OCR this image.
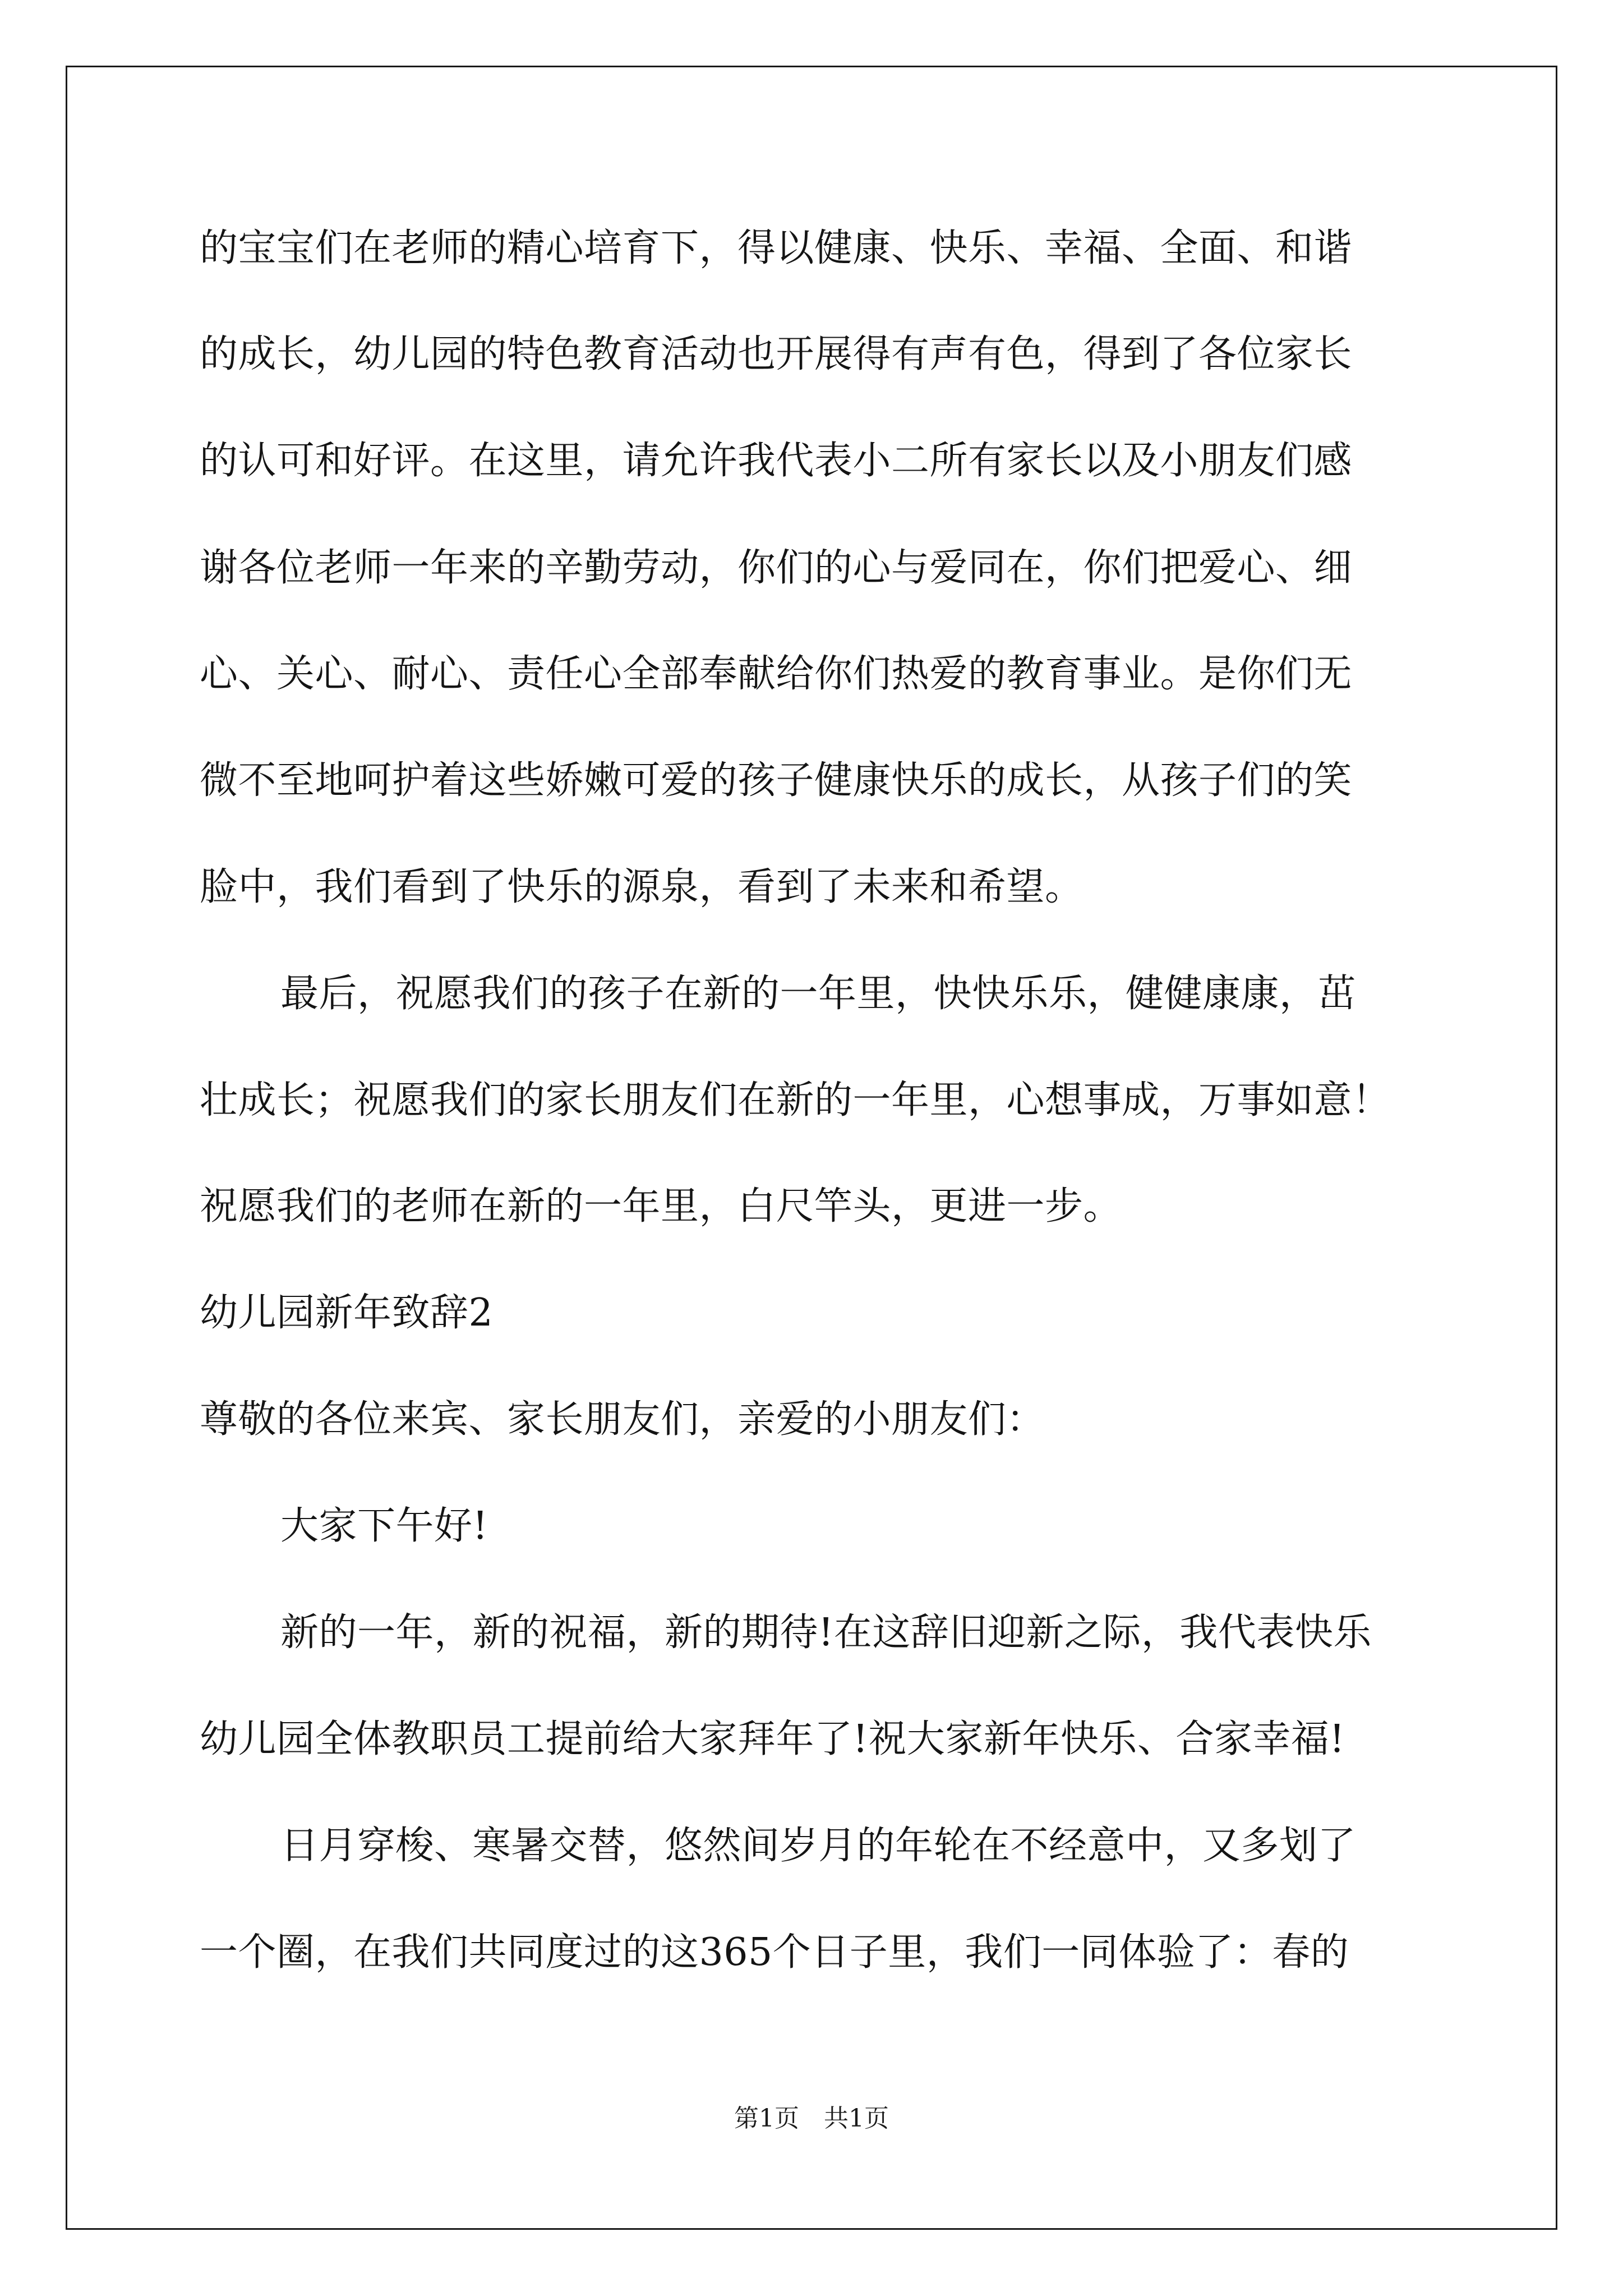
的宝宝们在老师的精心培育下，得以健康、快乐、幸福、全面、和谐
的成长，幼儿园的特色教育活动也开展得有声有色，得到了各位家长
的认可和好评。在这里，请允许我代表小二所有家长以及小朋友们感
谢各位老师一年来的辛勤劳动，你们的心与爱同在，你们把爱心、细
心、关心、耐心、责任心全部奉献给你们热爱的教育事业。是你们无
微不至地呵护着这些娇嫩可爱的孩子健康快乐的成长，从孩子们的笑
脸中，我们看到了快乐的源泉，看到了未来和希望。
最后，祝愿我们的孩子在新的一年里，快快乐乐，健健康康，茁
壮成长；祝愿我们的家长朋友们在新的一年里，心想事成，万事如意！
祝愿我们的老师在新的一年里，白尺竿头，更进一步。
幼儿园新年致辞2
尊敬的各位来宾、家长朋友们，亲爱的小朋友们：
大家下午好!
新的一年，新的祝福，新的期待!在这辞旧迎新之际，我代表快乐
幼儿园全体教职员工提前给大家拜年了!祝大家新年快乐、合家幸福!
日月穿梭、寒暑交替，悠然间岁月的年轮在不经意中，又多划了
一个圈，在我们共同度过的这365个日子里，我们一同体验了：春的
第1页　共1页
